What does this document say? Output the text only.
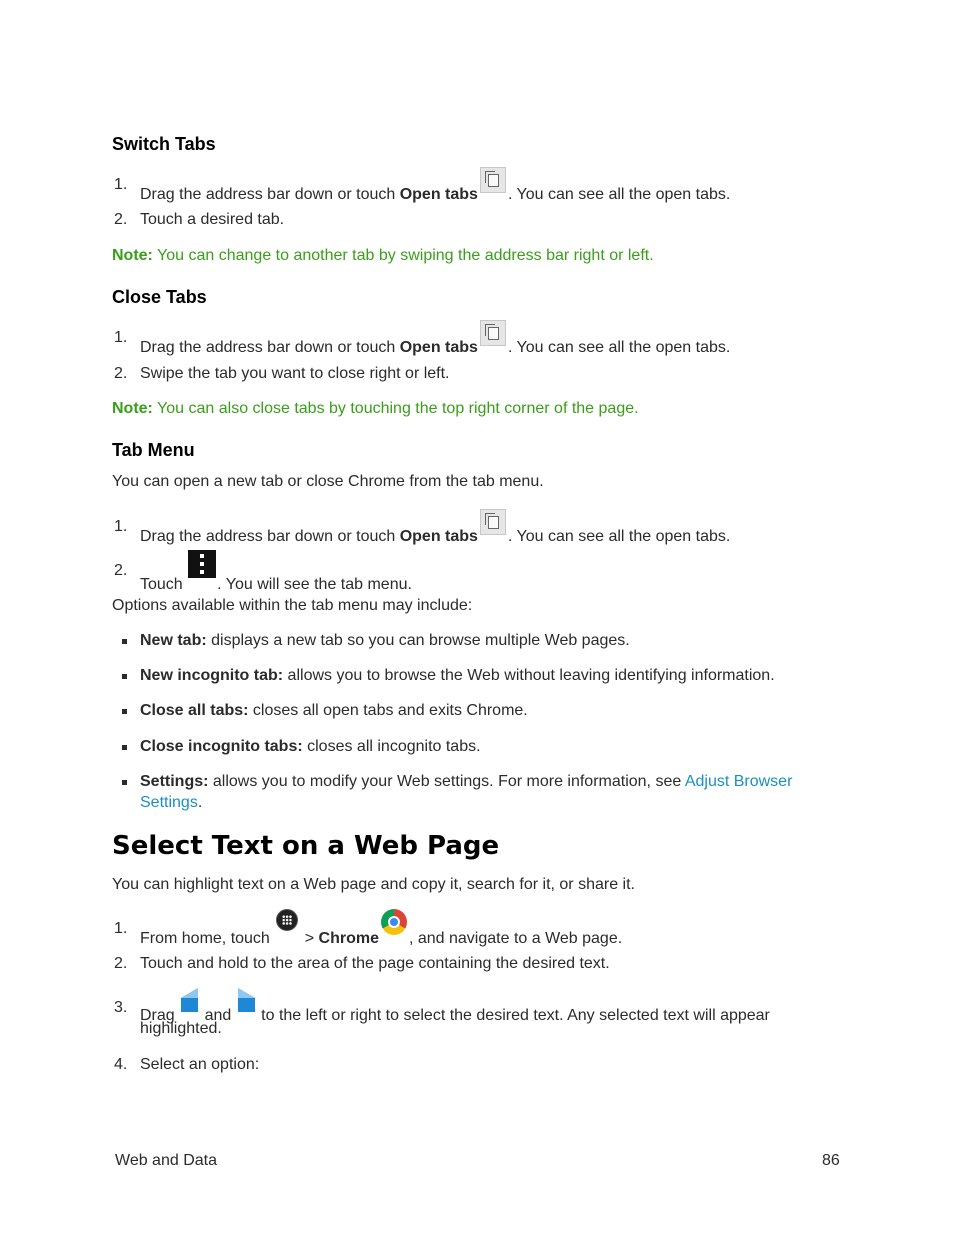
Switch Tabs
1.
Drag the address bar down or touch Open tabs . You can see all the open tabs.
2. Touch a desired tab.
Note: You can change to another tab by swiping the address bar right or left.
Close Tabs
1.
Drag the address bar down or touch Open tabs . You can see all the open tabs.
2. Swipe the tab you want to close right or left.
Note: You can also close tabs by touching the top right corner of the page.
Tab Menu
You can open a new tab or close Chrome from the tab menu.
1.
Drag the address bar down or touch Open tabs . You can see all the open tabs.
2.
Touch
. You will see the tab menu.
Options available within the tab menu may include:
New tab: displays a new tab so you can browse multiple Web pages.
New incognito tab: allows you to browse the Web without leaving identifying information.
Close all tabs: closes all open tabs and exits Chrome.
Close incognito tabs: closes all incognito tabs.
Settings: allows you to modify your Web settings. For more information, see Adjust Browser
Settings.
Select Text on a Web Page
You can highlight text on a Web page and copy it, search for it, or share it.
1.
From home, touch  > Chrome , and navigate to a Web page.
2. Touch and hold to the area of the page containing the desired text.
3. Drag  and  to the left or right to select the desired text. Any selected text will appear
highlighted.
4. Select an option:
Web and Data	86
